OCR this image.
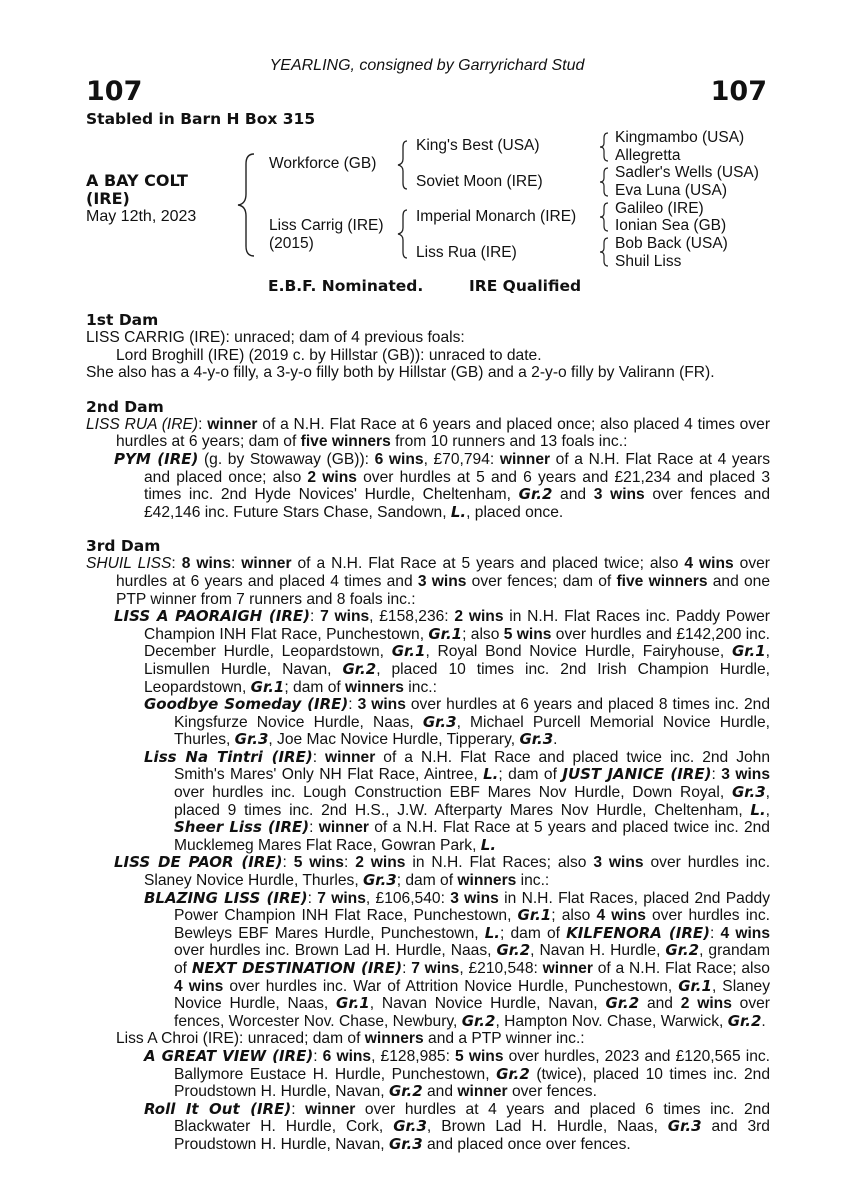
YEARLING, consigned by Garryrichard Stud
107	107
Stabled in Barn H Box 315
A BAY COLT
(IRE)
May 12th, 2023
Workforce (GB)
Liss Carrig (IRE)
(2015)
King's Best (USA)
Soviet Moon (IRE)
Imperial Monarch (IRE)
Liss Rua (IRE)
Kingmambo (USA)
Allegretta
Sadler's Wells (USA)
Eva Luna (USA)
Galileo (IRE)
Ionian Sea (GB)
Bob Back (USA)
Shuil Liss
E.B.F. Nominated.	IRE Qualified
1st Dam

LISS CARRIG (IRE): unraced; dam of 4 previous foals:

Lord Broghill (IRE) (2019 c. by Hillstar (GB)): unraced to date.

She also has a 4-y-o filly, a 3-y-o filly both by Hillstar (GB) and a 2-y-o filly by Valirann (FR).

2nd Dam

LISS RUA (IRE): winner of a N.H. Flat Race at 6 years and placed once; also placed 4 times over hurdles at 6 years; dam of five winners from 10 runners and 13 foals inc.:

PYM (IRE) (g. by Stowaway (GB)): 6 wins, £70,794: winner of a N.H. Flat Race at 4 years and placed once; also 2 wins over hurdles at 5 and 6 years and £21,234 and placed 3 times inc. 2nd Hyde Novices' Hurdle, Cheltenham, Gr.2 and 3 wins over fences and £42,146 inc. Future Stars Chase, Sandown, L., placed once.

3rd Dam

SHUIL LISS: 8 wins: winner of a N.H. Flat Race at 5 years and placed twice; also 4 wins over hurdles at 6 years and placed 4 times and 3 wins over fences; dam of five winners and one PTP winner from 7 runners and 8 foals inc.:

LISS A PAORAIGH (IRE): 7 wins, £158,236: 2 wins in N.H. Flat Races inc. Paddy Power Champion INH Flat Race, Punchestown, Gr.1; also 5 wins over hurdles and £142,200 inc. December Hurdle, Leopardstown, Gr.1, Royal Bond Novice Hurdle, Fairyhouse, Gr.1, Lismullen Hurdle, Navan, Gr.2, placed 10 times inc. 2nd Irish Champion Hurdle, Leopardstown, Gr.1; dam of winners inc.:

Goodbye Someday (IRE): 3 wins over hurdles at 6 years and placed 8 times inc. 2nd Kingsfurze Novice Hurdle, Naas, Gr.3, Michael Purcell Memorial Novice Hurdle, Thurles, Gr.3, Joe Mac Novice Hurdle, Tipperary, Gr.3.

Liss Na Tintri (IRE): winner of a N.H. Flat Race and placed twice inc. 2nd John Smith's Mares' Only NH Flat Race, Aintree, L.; dam of JUST JANICE (IRE): 3 wins over hurdles inc. Lough Construction EBF Mares Nov Hurdle, Down Royal, Gr.3, placed 9 times inc. 2nd H.S., J.W. Afterparty Mares Nov Hurdle, Cheltenham, L., Sheer Liss (IRE): winner of a N.H. Flat Race at 5 years and placed twice inc. 2nd Mucklemeg Mares Flat Race, Gowran Park, L.

LISS DE PAOR (IRE): 5 wins: 2 wins in N.H. Flat Races; also 3 wins over hurdles inc. Slaney Novice Hurdle, Thurles, Gr.3; dam of winners inc.:

BLAZING LISS (IRE): 7 wins, £106,540: 3 wins in N.H. Flat Races, placed 2nd Paddy Power Champion INH Flat Race, Punchestown, Gr.1; also 4 wins over hurdles inc. Bewleys EBF Mares Hurdle, Punchestown, L.; dam of KILFENORA (IRE): 4 wins over hurdles inc. Brown Lad H. Hurdle, Naas, Gr.2, Navan H. Hurdle, Gr.2, grandam of NEXT DESTINATION (IRE): 7 wins, £210,548: winner of a N.H. Flat Race; also 4 wins over hurdles inc. War of Attrition Novice Hurdle, Punchestown, Gr.1, Slaney Novice Hurdle, Naas, Gr.1, Navan Novice Hurdle, Navan, Gr.2 and 2 wins over fences, Worcester Nov. Chase, Newbury, Gr.2, Hampton Nov. Chase, Warwick, Gr.2.

Liss A Chroi (IRE): unraced; dam of winners and a PTP winner inc.:

A GREAT VIEW (IRE): 6 wins, £128,985: 5 wins over hurdles, 2023 and £120,565 inc. Ballymore Eustace H. Hurdle, Punchestown, Gr.2 (twice), placed 10 times inc. 2nd Proudstown H. Hurdle, Navan, Gr.2 and winner over fences.

Roll It Out (IRE): winner over hurdles at 4 years and placed 6 times inc. 2nd Blackwater H. Hurdle, Cork, Gr.3, Brown Lad H. Hurdle, Naas, Gr.3 and 3rd Proudstown H. Hurdle, Navan, Gr.3 and placed once over fences.
